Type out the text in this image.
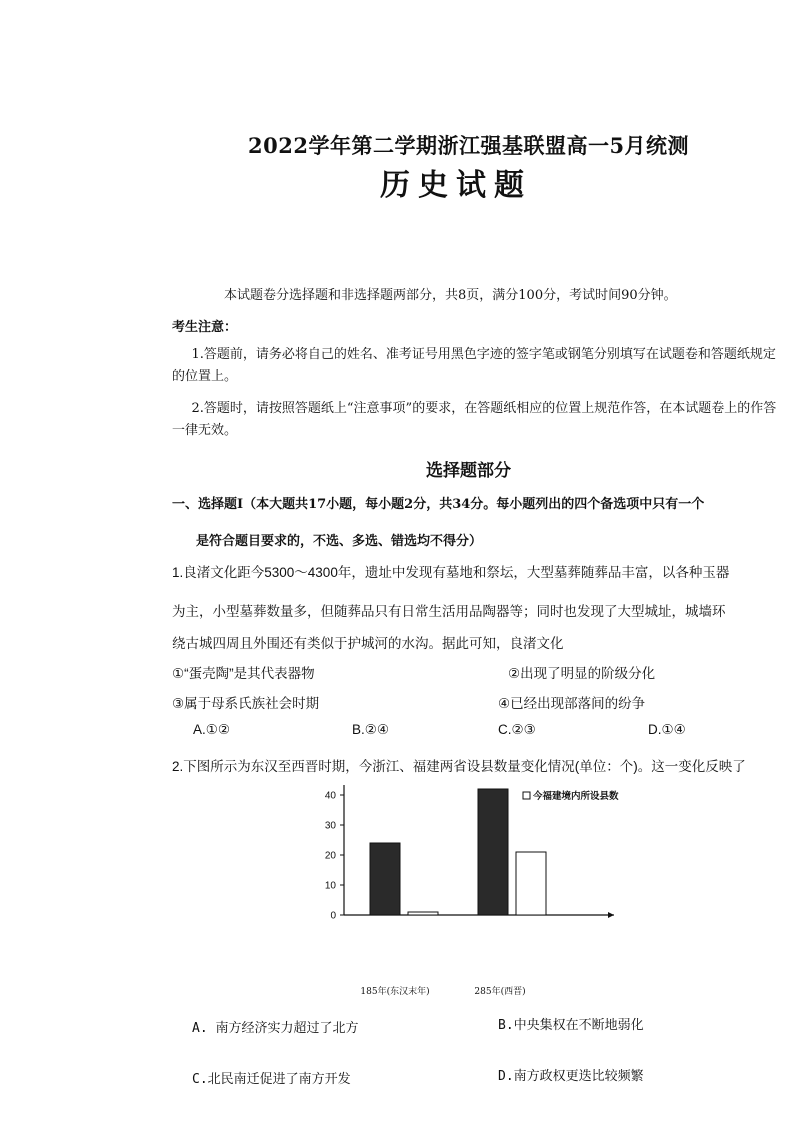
2022学年第二学期浙江强基联盟高一5月统测
历史试题
本试题卷分选择题和非选择题两部分，共8页，满分100分，考试时间90分钟。
考生注意：
1.答题前，请务必将自己的姓名、准考证号用黑色字迹的签字笔或钢笔分别填写在试题卷和答题纸规定的位置上。
2.答题时，请按照答题纸上“注意事项”的要求，在答题纸相应的位置上规范作答，在本试题卷上的作答一律无效。
选择题部分
一、选择题Ⅰ（本大题共17小题，每小题2分，共34分。每小题列出的四个备选项中只有一个
是符合题目要求的，不选、多选、错选均不得分）
1.良渚文化距今5300～4300年，遗址中发现有墓地和祭坛，大型墓葬随葬品丰富，以各种玉器
为主，小型墓葬数量多，但随葬品只有日常生活用品陶器等；同时也发现了大型城址，城墙环
绕古城四周且外围还有类似于护城河的水沟。据此可知，良渚文化
①“蛋壳陶”是其代表器物	②出现了明显的阶级分化
③属于母系氏族社会时期	④已经出现部落间的纷争
A.①②	B.②④	C.②③	D.①④
2.下图所示为东汉至西晋时期，今浙江、福建两省设县数量变化情况(单位：个)。这一变化反映了
0
10
20
30
40	今福建境内所设县数
185年(东汉末年)	285年(西晋)
A. 南方经济实力超过了北方	B.中央集权在不断地弱化
C.北民南迁促进了南方开发	D.南方政权更迭比较频繁
